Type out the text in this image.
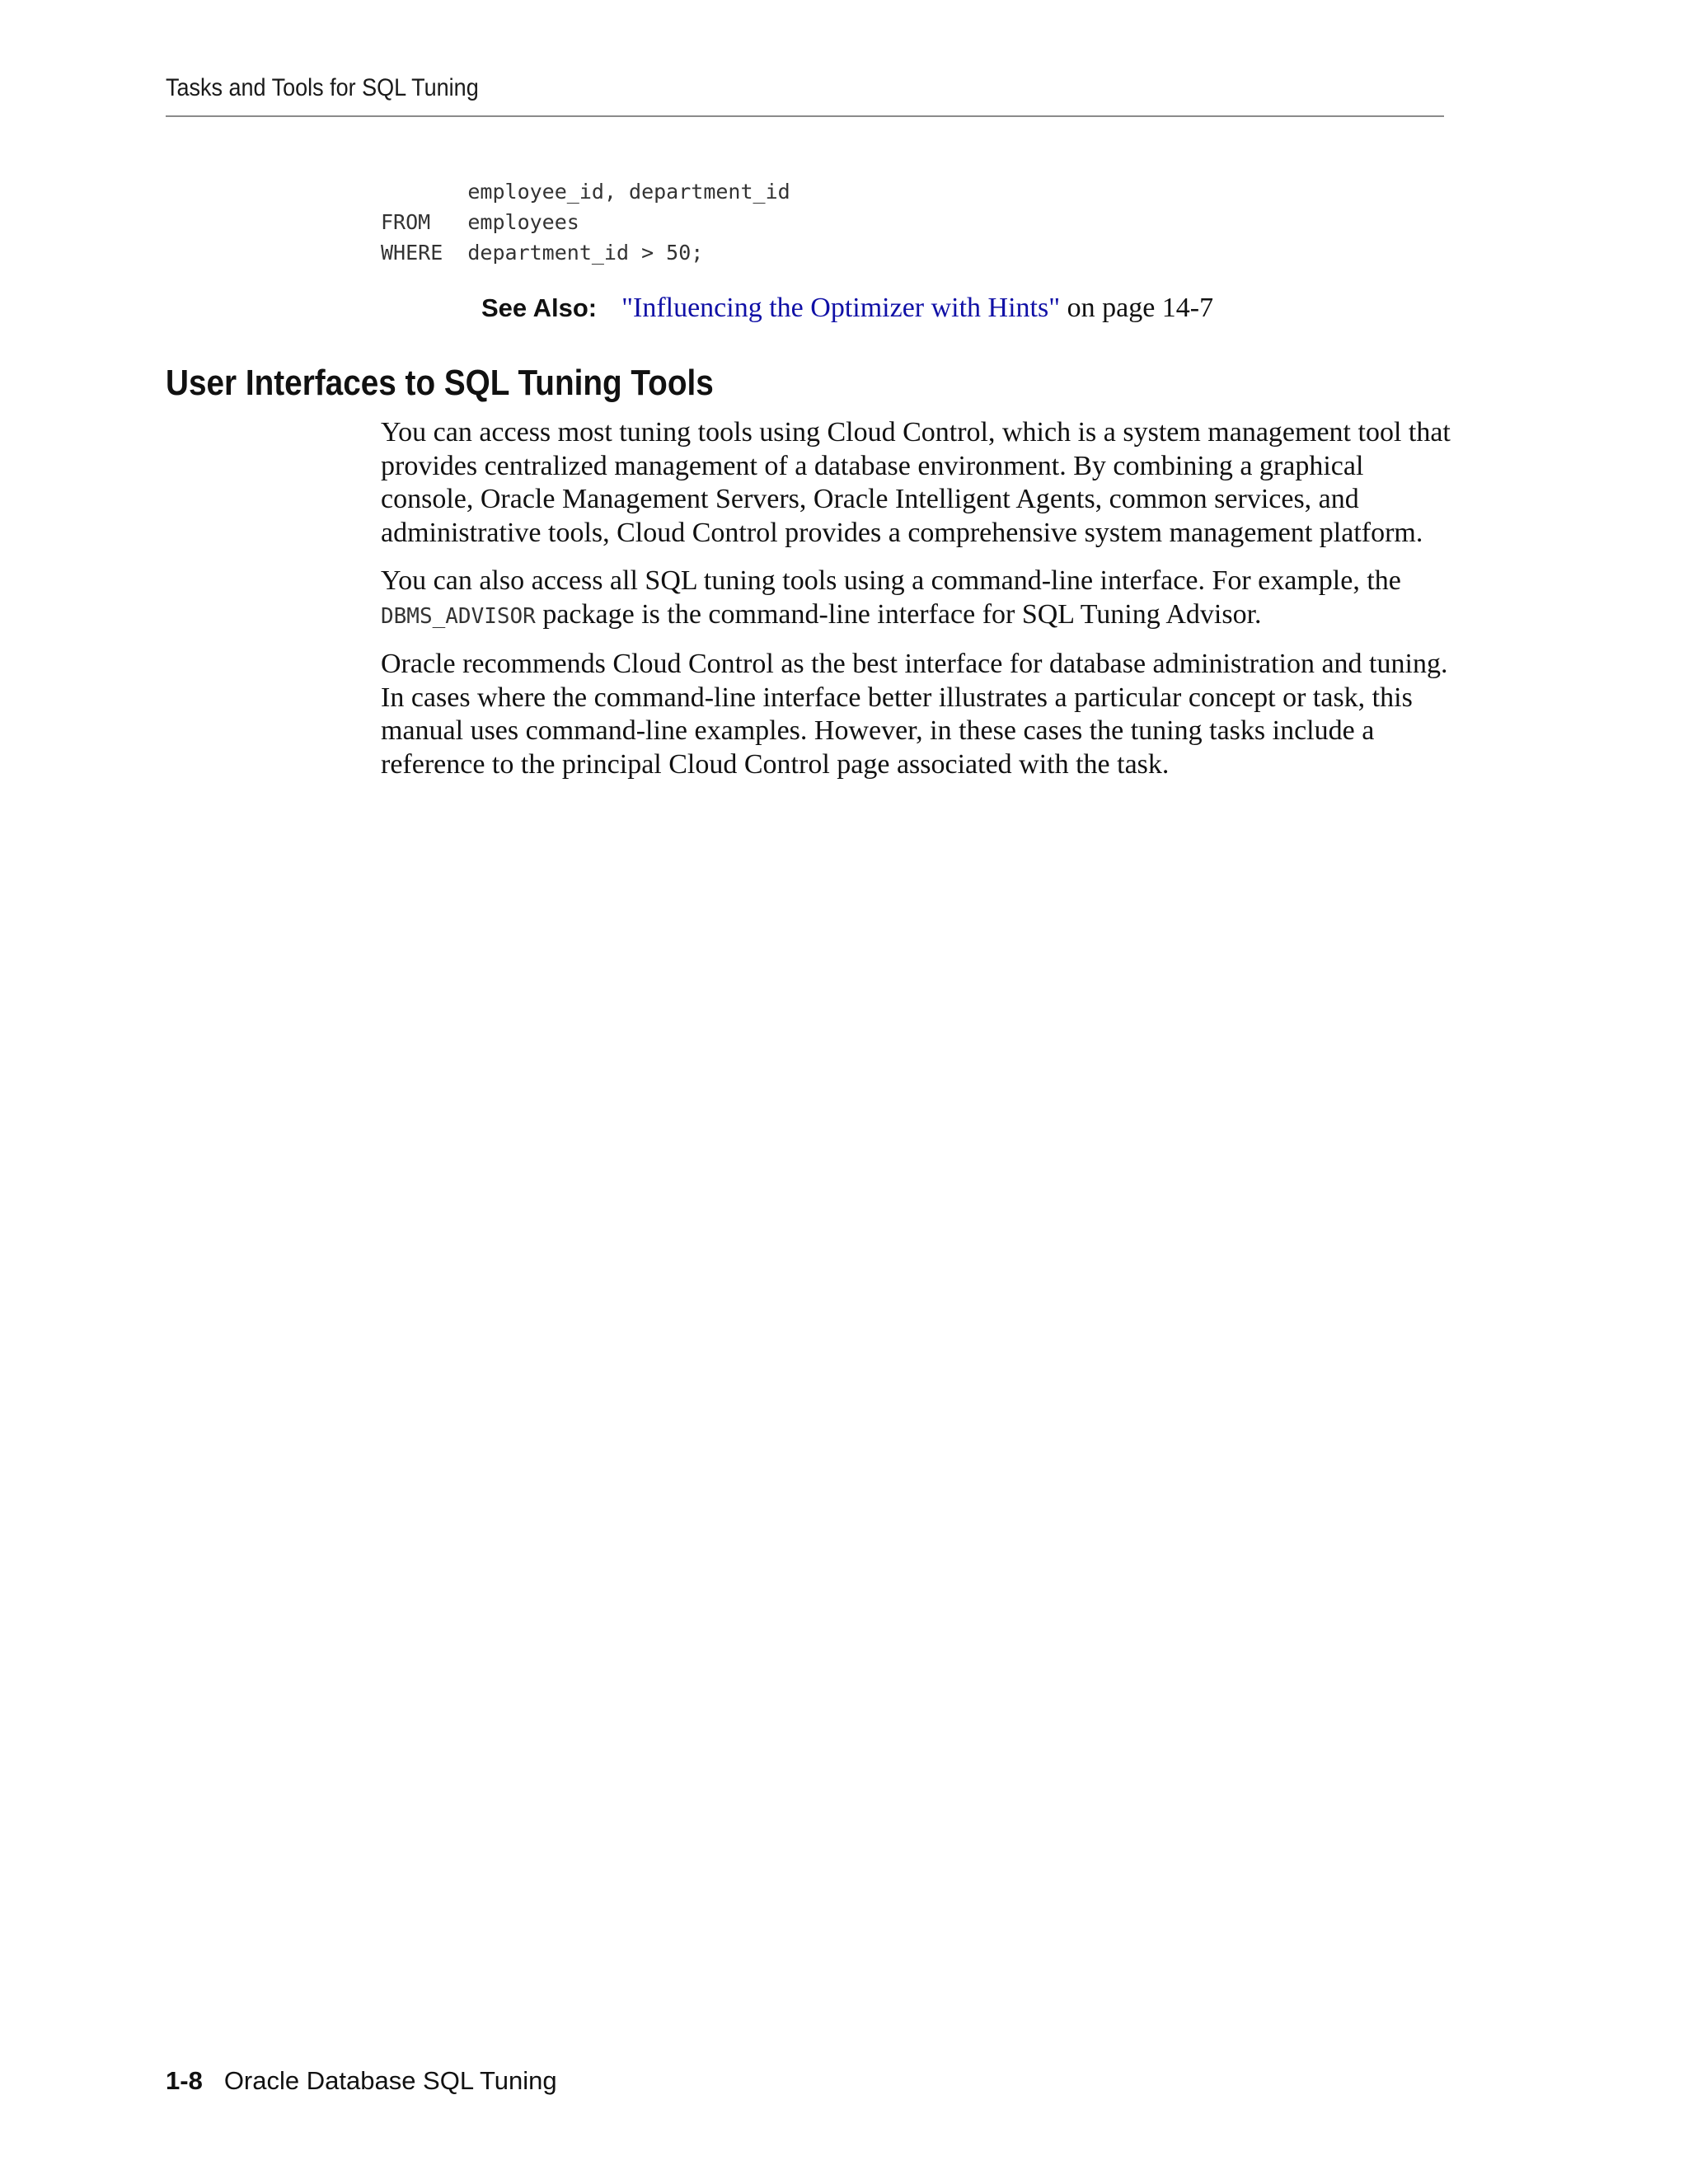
Tasks and Tools for SQL Tuning
employee_id, department_id
FROM   employees
WHERE  department_id > 50;
See Also: "Influencing the Optimizer with Hints" on page 14-7
User Interfaces to SQL Tuning Tools

You can access most tuning tools using Cloud Control, which is a system management tool that provides centralized management of a database environment. By combining a graphical console, Oracle Management Servers, Oracle Intelligent Agents, common services, and administrative tools, Cloud Control provides a comprehensive system management platform.

You can also access all SQL tuning tools using a command-line interface. For example, the DBMS_ADVISOR package is the command-line interface for SQL Tuning Advisor.

Oracle recommends Cloud Control as the best interface for database administration and tuning. In cases where the command-line interface better illustrates a particular concept or task, this manual uses command-line examples. However, in these cases the tuning tasks include a reference to the principal Cloud Control page associated with the task.

1-8 Oracle Database SQL Tuning
